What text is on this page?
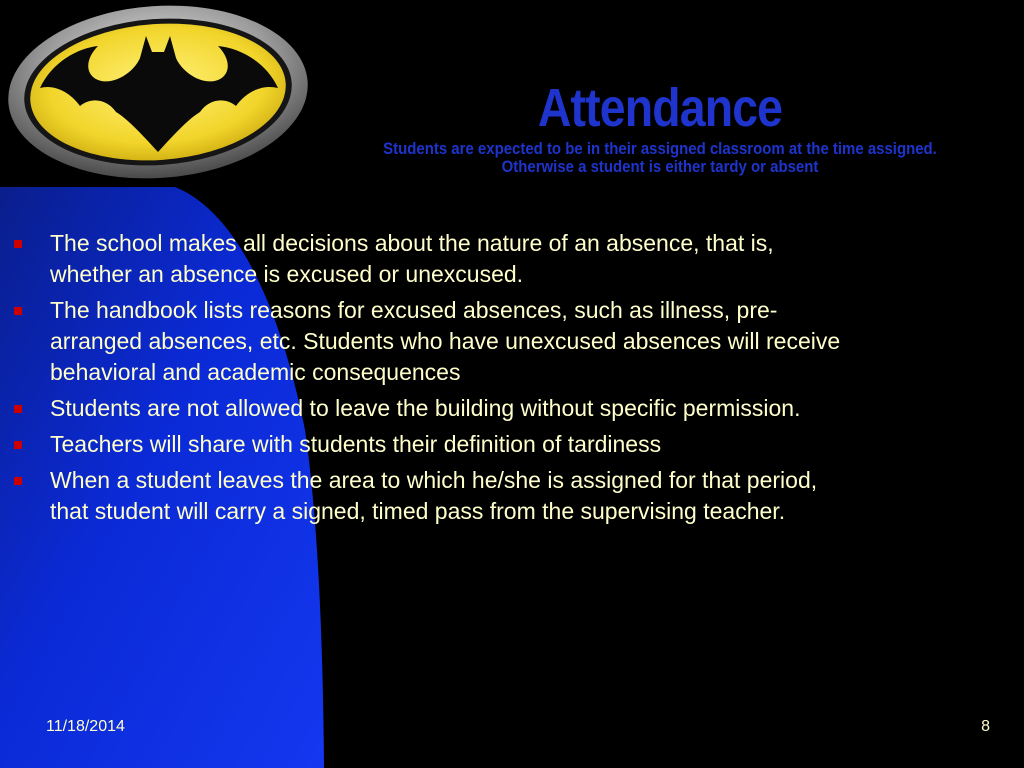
Attendance
Students are expected to be in their assigned classroom at the time assigned. Otherwise a student is either tardy or absent
The school makes all decisions about the nature of an absence, that is, whether an absence is excused or unexcused.
The handbook lists reasons for excused absences, such as illness, pre-arranged absences, etc. Students who have unexcused absences will receive behavioral and academic consequences
Students are not allowed to leave the building without specific permission.
Teachers will share with students their definition of tardiness
When a student leaves the area to which he/she is assigned for that period, that student will carry a signed, timed pass from the supervising teacher.
11/18/2014	8
